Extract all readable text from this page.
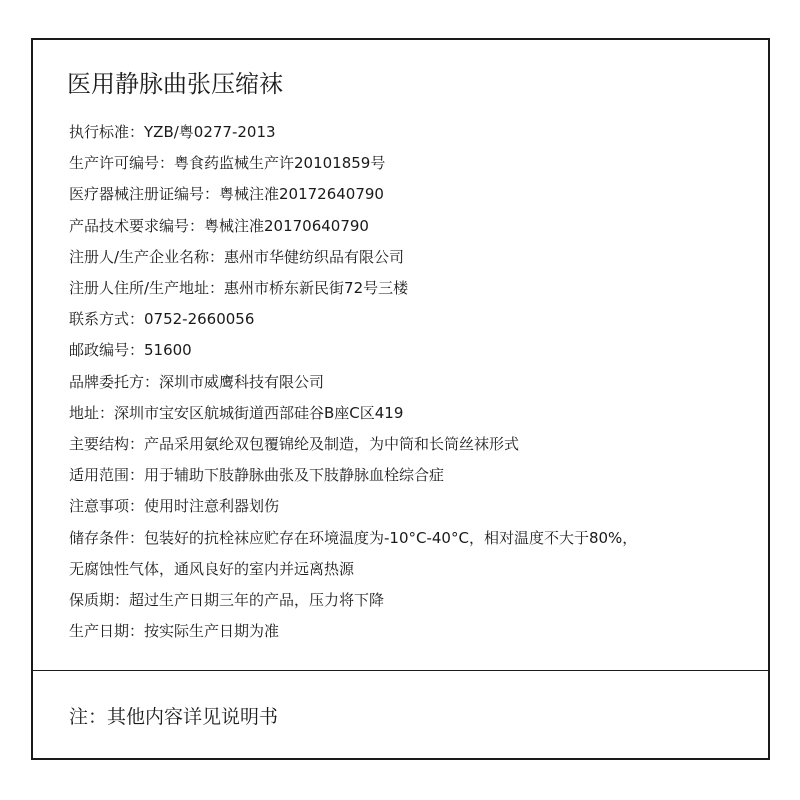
医用静脉曲张压缩袜
执行标准：YZB/粤0277-2013
生产许可编号：粤食药监械生产许20101859号
医疗器械注册证编号：粤械注准20172640790
产品技术要求编号：粤械注准20170640790
注册人/生产企业名称：惠州市华健纺织品有限公司
注册人住所/生产地址：惠州市桥东新民街72号三楼
联系方式：0752-2660056
邮政编号：51600
品牌委托方：深圳市威鹰科技有限公司
地址：深圳市宝安区航城街道西部硅谷B座C区419
主要结构：产品采用氨纶双包覆锦纶及制造，为中筒和长筒丝袜形式
适用范围：用于辅助下肢静脉曲张及下肢静脉血栓综合症
注意事项：使用时注意利器划伤
储存条件：包装好的抗栓袜应贮存在环境温度为-10°C-40°C，相对温度不大于80%，
无腐蚀性气体，通风良好的室内并远离热源
保质期：超过生产日期三年的产品，压力将下降
生产日期：按实际生产日期为准
注：其他内容详见说明书
